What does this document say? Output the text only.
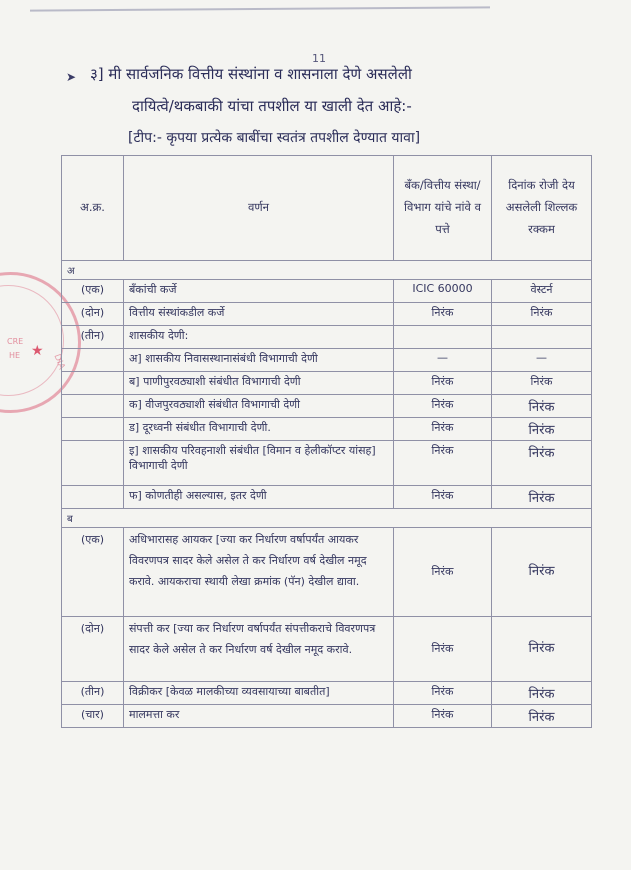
11
➤ ३] मी सार्वजनिक वित्तीय संस्थांना व शासनाला देणे असलेली
दायित्वे/थकबाकी यांचा तपशील या खाली देत आहे:-
[टीप:- कृपया प्रत्येक बाबींचा स्वतंत्र तपशील देण्यात यावा]
CRE
HE ★
DIA
अ.क्र.	वर्णन	बँक/वित्तीय संस्था/विभाग यांचे नांवे व पत्ते	दिनांक रोजी देय असलेली शिल्लक रक्कम
अ			
(एक)	बँकांची कर्जे	ICIC 60000	वेस्टर्न
(दोन)	वित्तीय संस्थांकडील कर्जे	निरंक	निरंक
(तीन)	शासकीय देणी:		
	अ] शासकीय निवासस्थानासंबंधी विभागाची देणी	—	—
	ब] पाणीपुरवठ्याशी संबंधीत विभागाची देणी	निरंक	निरंक
	क] वीजपुरवठ्याशी संबंधीत विभागाची देणी	निरंक	निरंक
	ड] दूरध्वनी संबंधीत विभागाची देणी.	निरंक	निरंक
	इ] शासकीय परिवहनाशी संबंधीत [विमान व हेलीकॉप्टर यांसह] विभागाची देणी	निरंक	निरंक
	फ] कोणतीही असल्यास, इतर देणी	निरंक	निरंक
ब			
(एक)	अधिभारासह आयकर [ज्या कर निर्धारण वर्षापर्यंत आयकर विवरणपत्र सादर केले असेल ते कर निर्धारण वर्ष देखील नमूद करावे. आयकराचा स्थायी लेखा क्रमांक (पॅन) देखील द्यावा.	निरंक	निरंक
(दोन)	संपत्ती कर [ज्या कर निर्धारण वर्षापर्यंत संपत्तीकराचे विवरणपत्र सादर केले असेल ते कर निर्धारण वर्ष देखील नमूद करावे.	निरंक	निरंक
(तीन)	विक्रीकर [केवळ मालकीच्या व्यवसायाच्या बाबतीत]	निरंक	निरंक
(चार)	मालमत्ता कर	निरंक	निरंक
